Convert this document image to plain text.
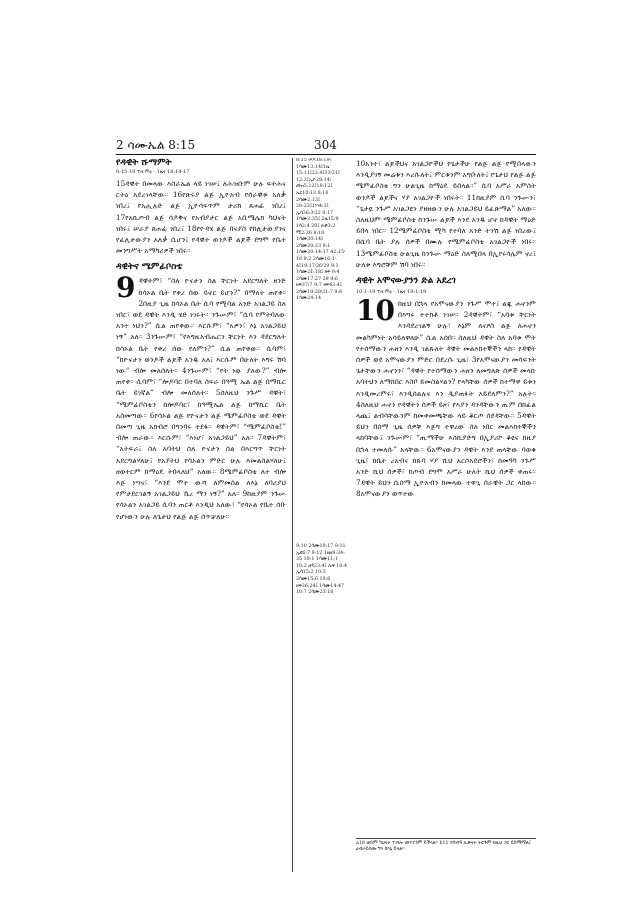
2 ሳሙኤል 8:15	304

የዳዊት ሹማምት

8:15-18 ተዛ ምዕ - 1ዜና 18:14-17

15ዳዊት በመላው እስራኤል ላይ ነገሠ፤ ለሕዝቡም ሁሉ ፍትሕና ርትዕ አደረገላቸው። 16የጽሩያ ልጅ ኢዮአብ የሰራዊቱ አለቃ ነበረ፤ የአሒሉድ ልጅ ኢዮሳፍጥም ታሪክ ጸሐፊ ነበረ፤ 17የአኪጦብ ልጅ ሳዶቅና የአብያታር ልጅ አቢሜሌክ ካህናት ነበሩ፤ ሠራያ ጸሐፊ ነበረ፤ 18የዮዳሄ ልጅ በናያስ የከሊታውያንና የፈሊታውያን አለቃ ሲሆን፤ የዳዊት ወንዶች ልጆች ደግሞ የቤተ መንግሥት አማካሪዎች ነበሩ።

ዳዊትና ሜምፊቦስቴ

9 ዳዊትም፣ “ስለ ዮናታን ስል ቸርነት አደርግለት ዘንድ ከሳኦል ቤት የቀረ ሰው ይኖር ይሆን?” በማለት ጠየቀ። 2በዚያ ጊዜ ከሳኦል ቤት ሲባ የሚባል አንድ አገልጋይ ስለ ነበር፣ ወደ ዳዊት እንዲ ሄድ ነገሩት። ንጉሡም፣ “ሲባ የምትባለው አንተ ነህን?” ሲል ጠየቀው። እርሱም፣ “አዎን፣ እኔ አገልጋይህ ነኝ” አለ። 3ንጉሡም፣ “የእግዚአብሔርን ቸርነት እን ዳደርግለት ከሳኦል ቤት የቀረ ሰው የለምን?” ሲል ጠየቀው። ሲባም፣ “ከዮናታን ወንዶች ልጆች አንዱ አለ፤ እርሱም በሁለት እግሩ ሽባ ነው” ብሎ መለሰለት። 4ንጉሡም፣ “የት ነው ያለው?” ብሎ ጠየቀ። ሲባም፣ “ሎዶባር በተባለ ስፍራ በዓሚ ኤል ልጅ በማኪር ቤት ይገኛል” ብሎ መለሰለት። 5ስለዚህ ንጉሥ ዳዊት፣ “ሜምፊቦስቴን ከሎዶባር፣ ከዓሚኤል ልጅ ከማኪር ቤት አስመጣው። 6የሳኦል ልጅ የዮናታን ልጅ ሜምፊቦስቴ ወደ ዳዊት በመጣ ጊዜ አክብሮ በግንባሩ ተደፋ። ዳዊትም፣ “ሜምፊቦስቴ!” ብሎ ጠራው። እርሱም፣ “እነሆ፣ አገልጋይህ” አለ። 7ዳዊትም፣ “አትፍራ፤ ስለ አባትህ ስለ ዮናታን ስል በእርግጥ ቸርነት አደርግልሃለሁ፤ የአያትህ የሳኦልን ምድር ሁሉ እመልስልሃለሁ፤ ዘወትርም ከማዕዴ ትበላለህ” አለው። 8ሜምፊቦስቴ ለተ ብሎ እጅ ነሣና፣ “እንደ ሞተ ውሻ ለምመስል ለእኔ ለባሪያህ የምታደርገልኝ አገልጋይህ ኼረ ማን ነኝ?” አለ። 9ከዚያም ንጉሡ የሳኦልን አገልጋይ ሲባን ጠርቶ እንዲህ አለው፣ “የሳኦል የቤተ ሰቡ የሆነውን ሁሉ ለጌታህ የልጅ ልጅ ሰጥቻለሁ።

8:15 ሠዶ18:19፣ 1ሳሙ13:14፤1ዜ 15:11፤22:4፤33፡31፤ 12:2፤ኢዮ29:14፣ መዝ5:12፤19:12፤ ኤር10:13 8:16 2ሳሙ2:13፤ 20:23፤1ነገ4:3፤ ኢሳ36:3፡22 8:17 1ሳሙ2:35፤ 2ዜ15:9 1ሳ2:4 29፤ ሉቃ3:2 ሚ2:26 8:18 1ሳሙ30:14፤ 2ሳሙ20:23 9:1 1ሳሙ20:14-17 42:15፡18 9:2 2ሳሙ16:1-4፤19:17፡26፡29 9:3 1ሳሙ21:18፤ ዘፍ 9:4 2ሳሙ17:27-29 9:6 ዘፍ37:7 9:7 ዘፍ43:4፤ 2ሳሙ19:28፡21:7 9:8 1ሳሙ24:14

9:10 2ሳሙ19:17 9:11 ኢዩ6:7 9:12 1ዜና8:34-35 10:1 1ሳሙ11:1 10:2 ዘዳ23:4፤ ሊቀ 10:4 ኢሳ15:2 10:5 2ሳሙ15:6 10:6 ዘፍ36:24፤ 1ሳሙ14:47 10:7 2ሳሙ23:18

10አንተ፣ ልጆችህና አገልጋዮችህ የጌታችሁ የልጅ ልጅ የሚበላውን እንዲያገኝ መሬቱን እረሱለት፤ ምርቱንም አግቡለት፤ የጌታህ የልጅ ልጅ ሜምፊቦስቴ ግን ሁልጊዜ ከማዕዴ ይበላል።” ሲባ አሥራ አምስት ወንዶች ልጆችና ሃያ አገልጋዮች ነበሩት። 11ከዚያም ሲባ ንጉሡን፣ “ጌታዬ ንጉሥ አገልጋዩን ያዘዘውን ሁሉ አገልጋይህ ይፈጽማል” አለው። ስለዚህም ሜምፊቦስቴ ከንጉሡ ልጆች እንደ አንዱ ሆኖ ከዳዊት ማዕድ ይበላ ነበር። 12ሜምፊቦስቴ ሚካ የተባለ አንድ ትንሽ ልጅ ነበረው፤ በሲባ ቤት ያሉ ሰዎች በሙሉ የሜምፊቦስቴ አገልጋዮች ነበሩ። 13ሜምፊቦስቴ ሁልጊዜ ከንጉሡ ማዕድ ስለሚበላ በኢየሩሳሌም ኖረ፤ ሁለቱ እግሮቹም ሽባ ነበሩ።

ዳዊት አሞናውያንን ድል አደረገ

10:1-19 ተዛ ምዕ - 1ዜና 19:1-19

10 ከዚህ በኋላ የአሞናውያን ንጉሥ ሞተ፤ ልጁ ሐኖንም በእግሩ ተተክቶ ነገሠ። 2ዳዊትም፣ “አባቱ ቸርነት እንዳደረገልኝ ሁሉ፣ እኔም ለናዖስ ልጅ ለሐኖን መልካምነት አሳይለዋለሁ” ሲል አሰበ። ስለዚህ ዳዊት ስለ አባቱ ሞት የተሰማውን ሐዘን እንዲ ገልጹለት ዳዊት መልእክተኞችን ላከ። የዳዊት ሰዎች ወደ አሞናውያን ምድር በደረሱ ጊዜ፣ 3የአሞናውያን መሳፍንት ጌታቸውን ሐኖንን፣ “ዳዊት የተሰማውን ሐዘን ለመግለጽ ሰዎች መላኩ አባትህን ለማክበር እስቦ ይመስልሃልን? የላካቸው ሰዎች ከተማዋ ይቱን እንዲመረምሩ፣ እንዲሰልሉና እን ዲያጠፉት አይደለምን?” አሉት። 4ስለዚህ ሐኖን የዳዊትን ሰዎች ይዞ፣ የእያን ዳንዳቸውን ጢም በከፊል ላጨ፤ ልብሳቸውንም ከመቀመጫቸው ላይ ቆርጦ ሰደዳቸው። 5ዳዊት ይህን በሰማ ጊዜ ሰዎቹ እጅግ ተዋረው ስለ ነበር መልእክተኞችን ላከባቸው፤ ንጉሡም፣ “ጢማችሁ እስኪያድግ በኢያሪኮ ቆዩና ከዚያ በኋላ ተመለሱ” አላቸው። 6አሞናውያን ዳዊት እንደ ጠላቸው ባወቁ ጊዜ፣ ከቤት ረአብና ከጹባ ሃያ ሺህ አርሶአደሮችን፣ ከመዓካ ንጉሥ አንድ ሺህ ሰዎች፣ ከጦብ ደግሞ አሥራ ሁለት ሺህ ሰዎች ቀጠሩ። 7ዳዊት ይህን ሲሰማ ኢዮአብን ከመላው ተዋጊ ሰራዊት ጋር ላከው። 8አሞናውያን ወጥተው

a18 ወይም ካህናት ተብሎ መተርጎም ይችላል። b11 የሰብዓ ሊቃናት ትርጉም ከዚህ ጋር ይስማማል፤ ዕብራይስጡ ግን ከእኔ ይላል።
